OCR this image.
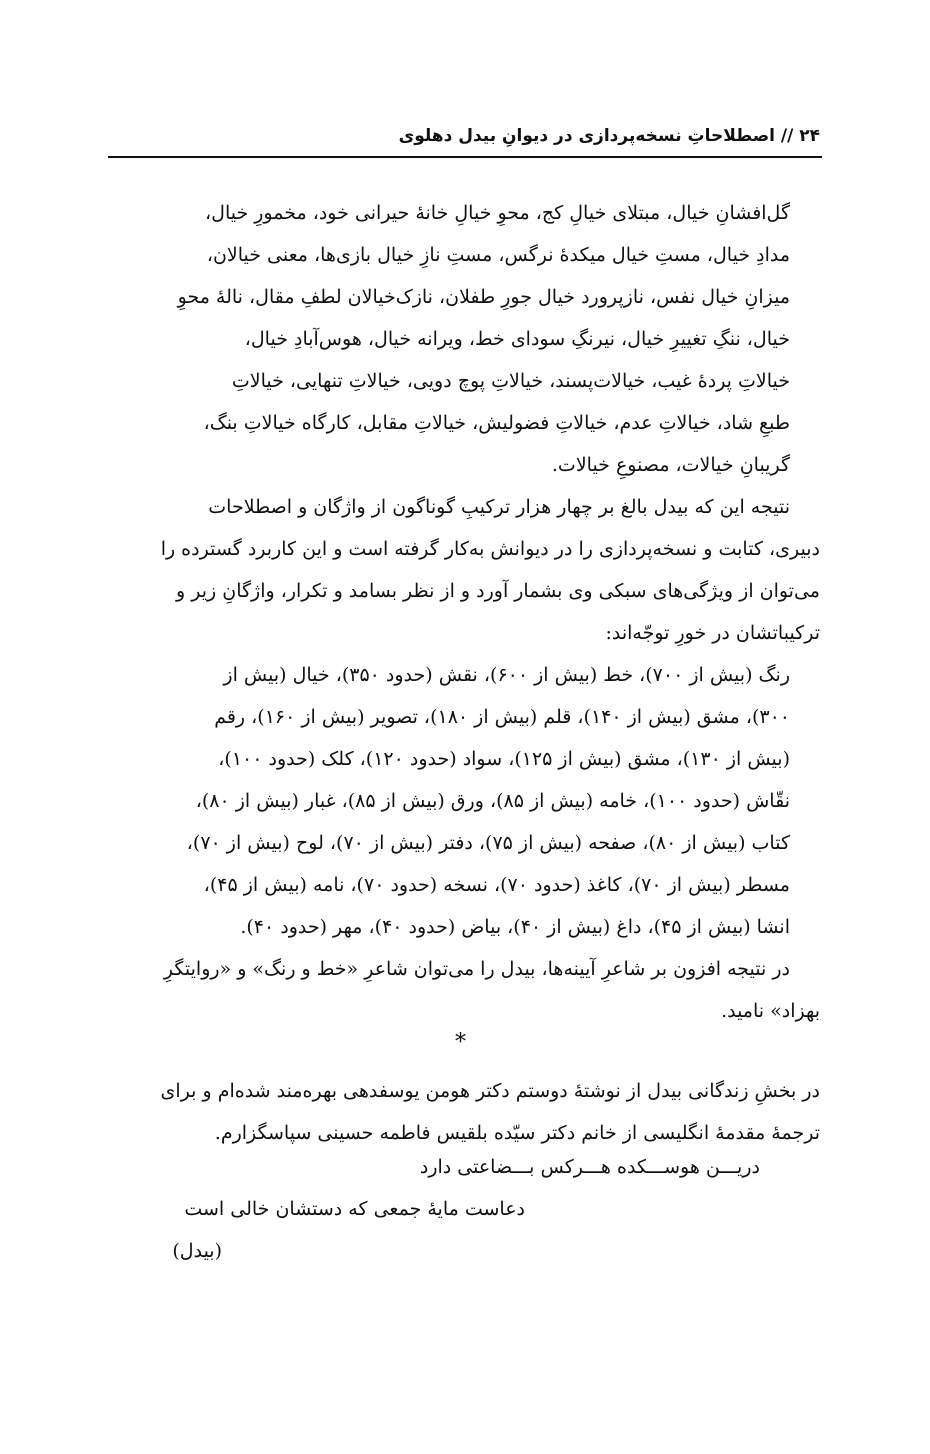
۲۴ // اصطلاحاتِ نسخه‌پردازی در دیوانِ بیدل دهلوی
گل‌افشانِ خیال، مبتلای خیالِ کج، محوِ خیالِ خانهٔ حیرانی خود، مخمورِ خیال،
مدادِ خیال، مستِ خیال میکدهٔ نرگس، مستِ نازِ خیال بازی‌ها، معنی خیالان،
میزانِ خیال نفس، نازپرورد خیال جورِ طفلان، نازک‌خیالان لطفِ مقال، نالهٔ محوِ
خیال، ننگِ تغییرِ خیال، نیرنگِ سودای خط، ویرانه خیال، هوس‌آبادِ خیال،
خیالاتِ پردهٔ غیب، خیالات‌پسند، خیالاتِ پوچ دویی، خیالاتِ تنهایی، خیالاتِ
طبعِ شاد، خیالاتِ عدم، خیالاتِ فضولیش، خیالاتِ مقابل، کارگاه خیالاتِ بنگ،
گریبانِ خیالات، مصنوعِ خیالات.
نتیجه این که بیدل بالغ بر چهار هزار ترکیبِ گوناگون از واژگان و اصطلاحات
دبیری، کتابت و نسخه‌پردازی را در دیوانش به‌کار گرفته است و این کاربرد گسترده را
می‌توان از ویژگی‌های سبکی وی بشمار آورد و از نظر بسامد و تکرار، واژگانِ زیر و
ترکیباتشان در خورِ توجّه‌اند:
رنگ (بیش از ۷۰۰)، خط (بیش از ۶۰۰)، نقش (حدود ۳۵۰)، خیال (بیش از
۳۰۰)، مشق (بیش از ۱۴۰)، قلم (بیش از ۱۸۰)، تصویر (بیش از ۱۶۰)، رقم
(بیش از ۱۳۰)، مشق (بیش از ۱۲۵)، سواد (حدود ۱۲۰)، کلک (حدود ۱۰۰)،
نقّاش (حدود ۱۰۰)، خامه (بیش از ۸۵)، ورق (بیش از ۸۵)، غبار (بیش از ۸۰)،
کتاب (بیش از ۸۰)، صفحه (بیش از ۷۵)، دفتر (بیش از ۷۰)، لوح (بیش از ۷۰)،
مسطر (بیش از ۷۰)، کاغذ (حدود ۷۰)، نسخه (حدود ۷۰)، نامه (بیش از ۴۵)،
انشا (بیش از ۴۵)، داغ (بیش از ۴۰)، بیاض (حدود ۴۰)، مهر (حدود ۴۰).
در نتیجه افزون بر شاعرِ آیینه‌ها، بیدل را می‌توان شاعرِ «خط و رنگ» و «روایتگرِ
بهزاد» نامید.
*
در بخشِ زندگانی بیدل از نوشتهٔ دوستم دکتر هومن یوسفدهی بهره‌مند شده‌ام و برای
ترجمهٔ مقدمهٔ انگلیسی از خانم دکتر سیّده بلقیس فاطمه حسینی سپاسگزارم.
دریـــن هوســـکده هـــرکس بـــضاعتی دارد
دعاست مایهٔ جمعی که دستشان خالی است
(بیدل)
